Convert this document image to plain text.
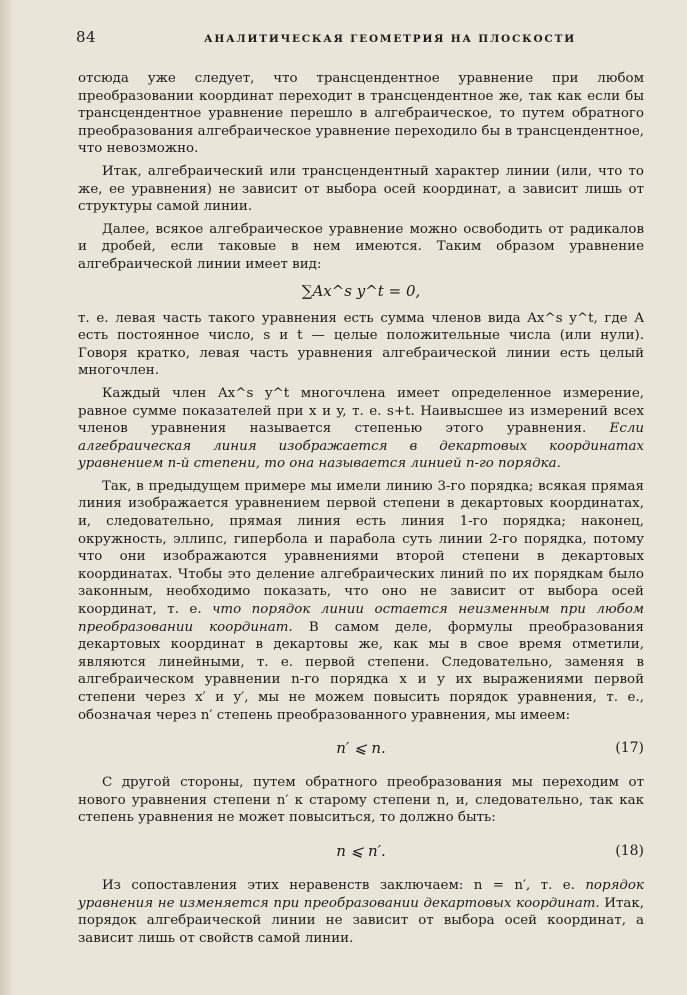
84	АНАЛИТИЧЕСКАЯ ГЕОМЕТРИЯ НА ПЛОСКОСТИ

отсюда уже следует, что трансцендентное уравнение при любом преобразовании координат переходит в трансцендентное же, так как если бы трансцендентное уравнение перешло в алгебраическое, то путем обратного преобразования алгебраическое уравнение переходило бы в трансцендентное, что невозможно.

Итак, алгебраический или трансцендентный характер линии (или, что то же, ее уравнения) не зависит от выбора осей координат, а зависит лишь от структуры самой линии.

Далее, всякое алгебраическое уравнение можно освободить от радикалов и дробей, если таковые в нем имеются. Таким образом уравнение алгебраической линии имеет вид:

∑Ax^s y^t = 0,

т. е. левая часть такого уравнения есть сумма членов вида Ax^s y^t, где A есть постоянное число, s и t — целые положительные числа (или нули). Говоря кратко, левая часть уравнения алгебраической линии есть целый многочлен.

Каждый член Ax^s y^t многочлена имеет определенное измерение, равное сумме показателей при x и y, т. е. s+t. Наивысшее из измерений всех членов уравнения называется степенью этого уравнения. Если алгебраическая линия изображается в декартовых координатах уравнением n-й степени, то она называется линией n-го порядка.

Так, в предыдущем примере мы имели линию 3-го порядка; всякая прямая линия изображается уравнением первой степени в декартовых координатах, и, следовательно, прямая линия есть линия 1-го порядка; наконец, окружность, эллипс, гипербола и парабола суть линии 2-го порядка, потому что они изображаются уравнениями второй степени в декартовых координатах. Чтобы это деление алгебраических линий по их порядкам было законным, необходимо показать, что оно не зависит от выбора осей координат, т. е. что порядок линии остается неизменным при любом преобразовании координат. В самом деле, формулы преобразования декартовых координат в декартовы же, как мы в свое время отметили, являются линейными, т. е. первой степени. Следовательно, заменяя в алгебраическом уравнении n-го порядка x и y их выражениями первой степени через x′ и y′, мы не можем повысить порядок уравнения, т. е., обозначая через n′ степень преобразованного уравнения, мы имеем:

n′ ⩽ n.	(17)

С другой стороны, путем обратного преобразования мы переходим от нового уравнения степени n′ к старому степени n, и, следовательно, так как степень уравнения не может повыситься, то должно быть:

n ⩽ n′.	(18)

Из сопоставления этих неравенств заключаем: n = n′, т. е. порядок уравнения не изменяется при преобразовании декартовых координат. Итак, порядок алгебраической линии не зависит от выбора осей координат, а зависит лишь от свойств самой линии.
